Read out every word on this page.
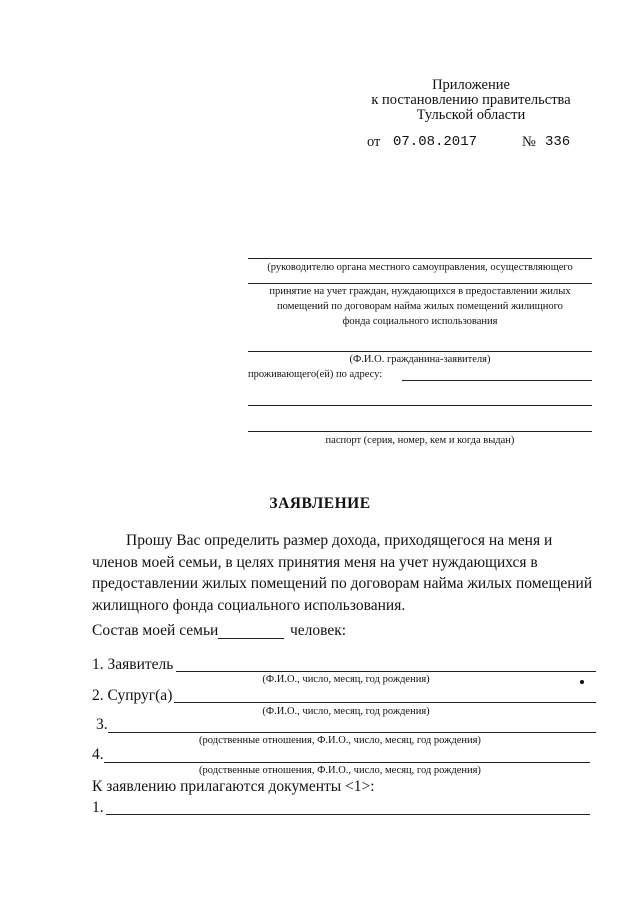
Приложение
к постановлению правительства
Тульской области
от 07.08.2017	№ 336
(руководителю органа местного самоуправления, осуществляющего
принятие на учет граждан, нуждающихся в предоставлении жилых
помещений по договорам найма жилых помещений жилищного
фонда социального использования
(Ф.И.О. гражданина-заявителя)
проживающего(ей) по адресу:
паспорт (серия, номер, кем и когда выдан)
ЗАЯВЛЕНИЕ
Прошу Вас определить размер дохода, приходящегося на меня и членов моей семьи, в целях принятия меня на учет нуждающихся в предоставлении жилых помещений по договорам найма жилых помещений жилищного фонда социального использования.
Состав моей семьи	человек:
1. Заявитель
(Ф.И.О., число, месяц, год рождения)
2. Супруг(а)
(Ф.И.О., число, месяц, год рождения)
3.
(родственные отношения, Ф.И.О., число, месяц, год рождения)
4.
(родственные отношения, Ф.И.О., число, месяц, год рождения)
К заявлению прилагаются документы <1>:
1.
